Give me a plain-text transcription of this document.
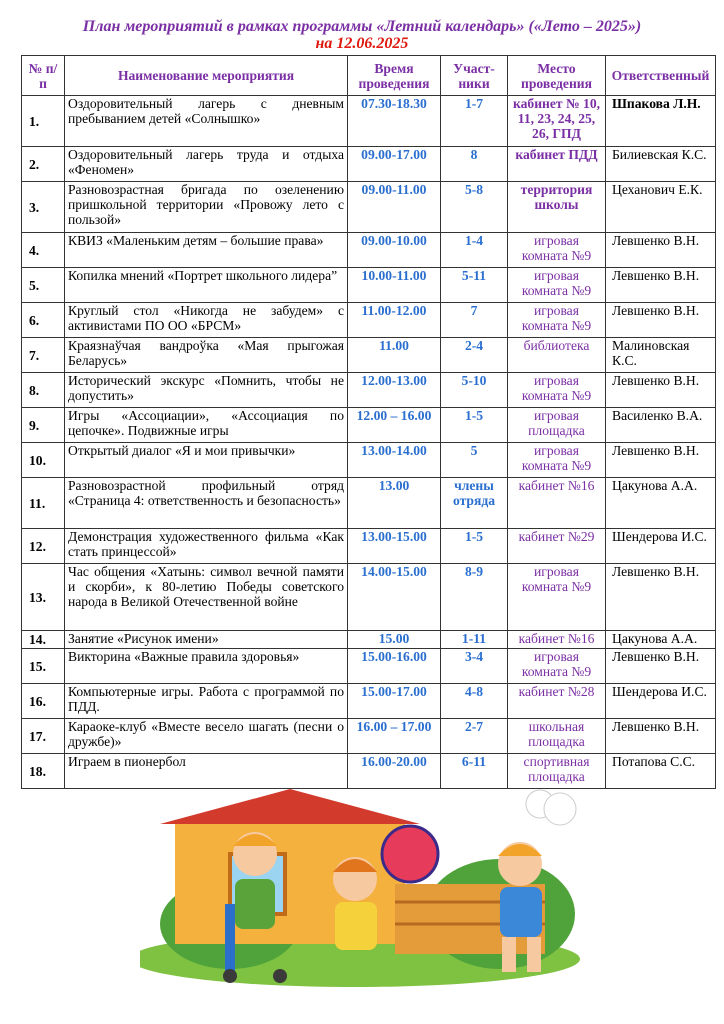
План мероприятий в рамках программы «Летний календарь» («Лето – 2025»)
на 12.06.2025
№ п/п	Наименование мероприятия	Время проведения	Участ-ники	Место проведения	Ответственный
1.	Оздоровительный лагерь с дневным пребыванием детей «Солнышко»	07.30-18.30	1-7	кабинет № 10, 11, 23, 24, 25, 26, ГПД	Шпакова Л.Н.
2.	Оздоровительный лагерь труда и отдыха «Феномен»	09.00-17.00	8	кабинет ПДД	Билиевская К.С.
3.	Разновозрастная бригада по озеленению пришкольной территории «Провожу лето с пользой»	09.00-11.00	5-8	территория школы	Цеханович Е.К.
4.	КВИЗ «Маленьким детям – большие права»	09.00-10.00	1-4	игровая комната №9	Левшенко В.Н.
5.	Копилка мнений «Портрет школьного лидера”	10.00-11.00	5-11	игровая комната №9	Левшенко В.Н.
6.	Круглый стол «Никогда не забудем» с активистами ПО ОО «БРСМ»	11.00-12.00	7	игровая комната №9	Левшенко В.Н.
7.	Краязнаўчая вандроўка «Мая прыгожая Беларусь»	11.00	2-4	библиотека	Малиновская К.С.
8.	Исторический экскурс «Помнить, чтобы не допустить»	12.00-13.00	5-10	игровая комната №9	Левшенко В.Н.
9.	Игры «Ассоциации», «Ассоциация по цепочке». Подвижные игры	12.00 – 16.00	1-5	игровая площадка	Василенко В.А.
10.	Открытый диалог «Я и мои привычки»	13.00-14.00	5	игровая комната №9	Левшенко В.Н.
11.	Разновозрастной профильный отряд «Страница 4: ответственность и безопасность»	13.00	члены отряда	кабинет №16	Цакунова А.А.
12.	Демонстрация художественного фильма «Как стать принцессой»	13.00-15.00	1-5	кабинет №29	Шендерова И.С.
13.	Час общения «Хатынь: символ вечной памяти и скорби», к 80-летию Победы советского народа в Великой Отечественной войне	14.00-15.00	8-9	игровая комната №9	Левшенко В.Н.
14.	Занятие «Рисунок имени»	15.00	1-11	кабинет №16	Цакунова А.А.
15.	Викторина «Важные правила здоровья»	15.00-16.00	3-4	игровая комната №9	Левшенко В.Н.
16.	Компьютерные игры. Работа с программой по ПДД.	15.00-17.00	4-8	кабинет №28	Шендерова И.С.
17.	Караоке-клуб «Вместе весело шагать (песни о дружбе)»	16.00 – 17.00	2-7	школьная площадка	Левшенко В.Н.
18.	Играем в пионербол	16.00-20.00	6-11	спортивная площадка	Потапова С.С.
